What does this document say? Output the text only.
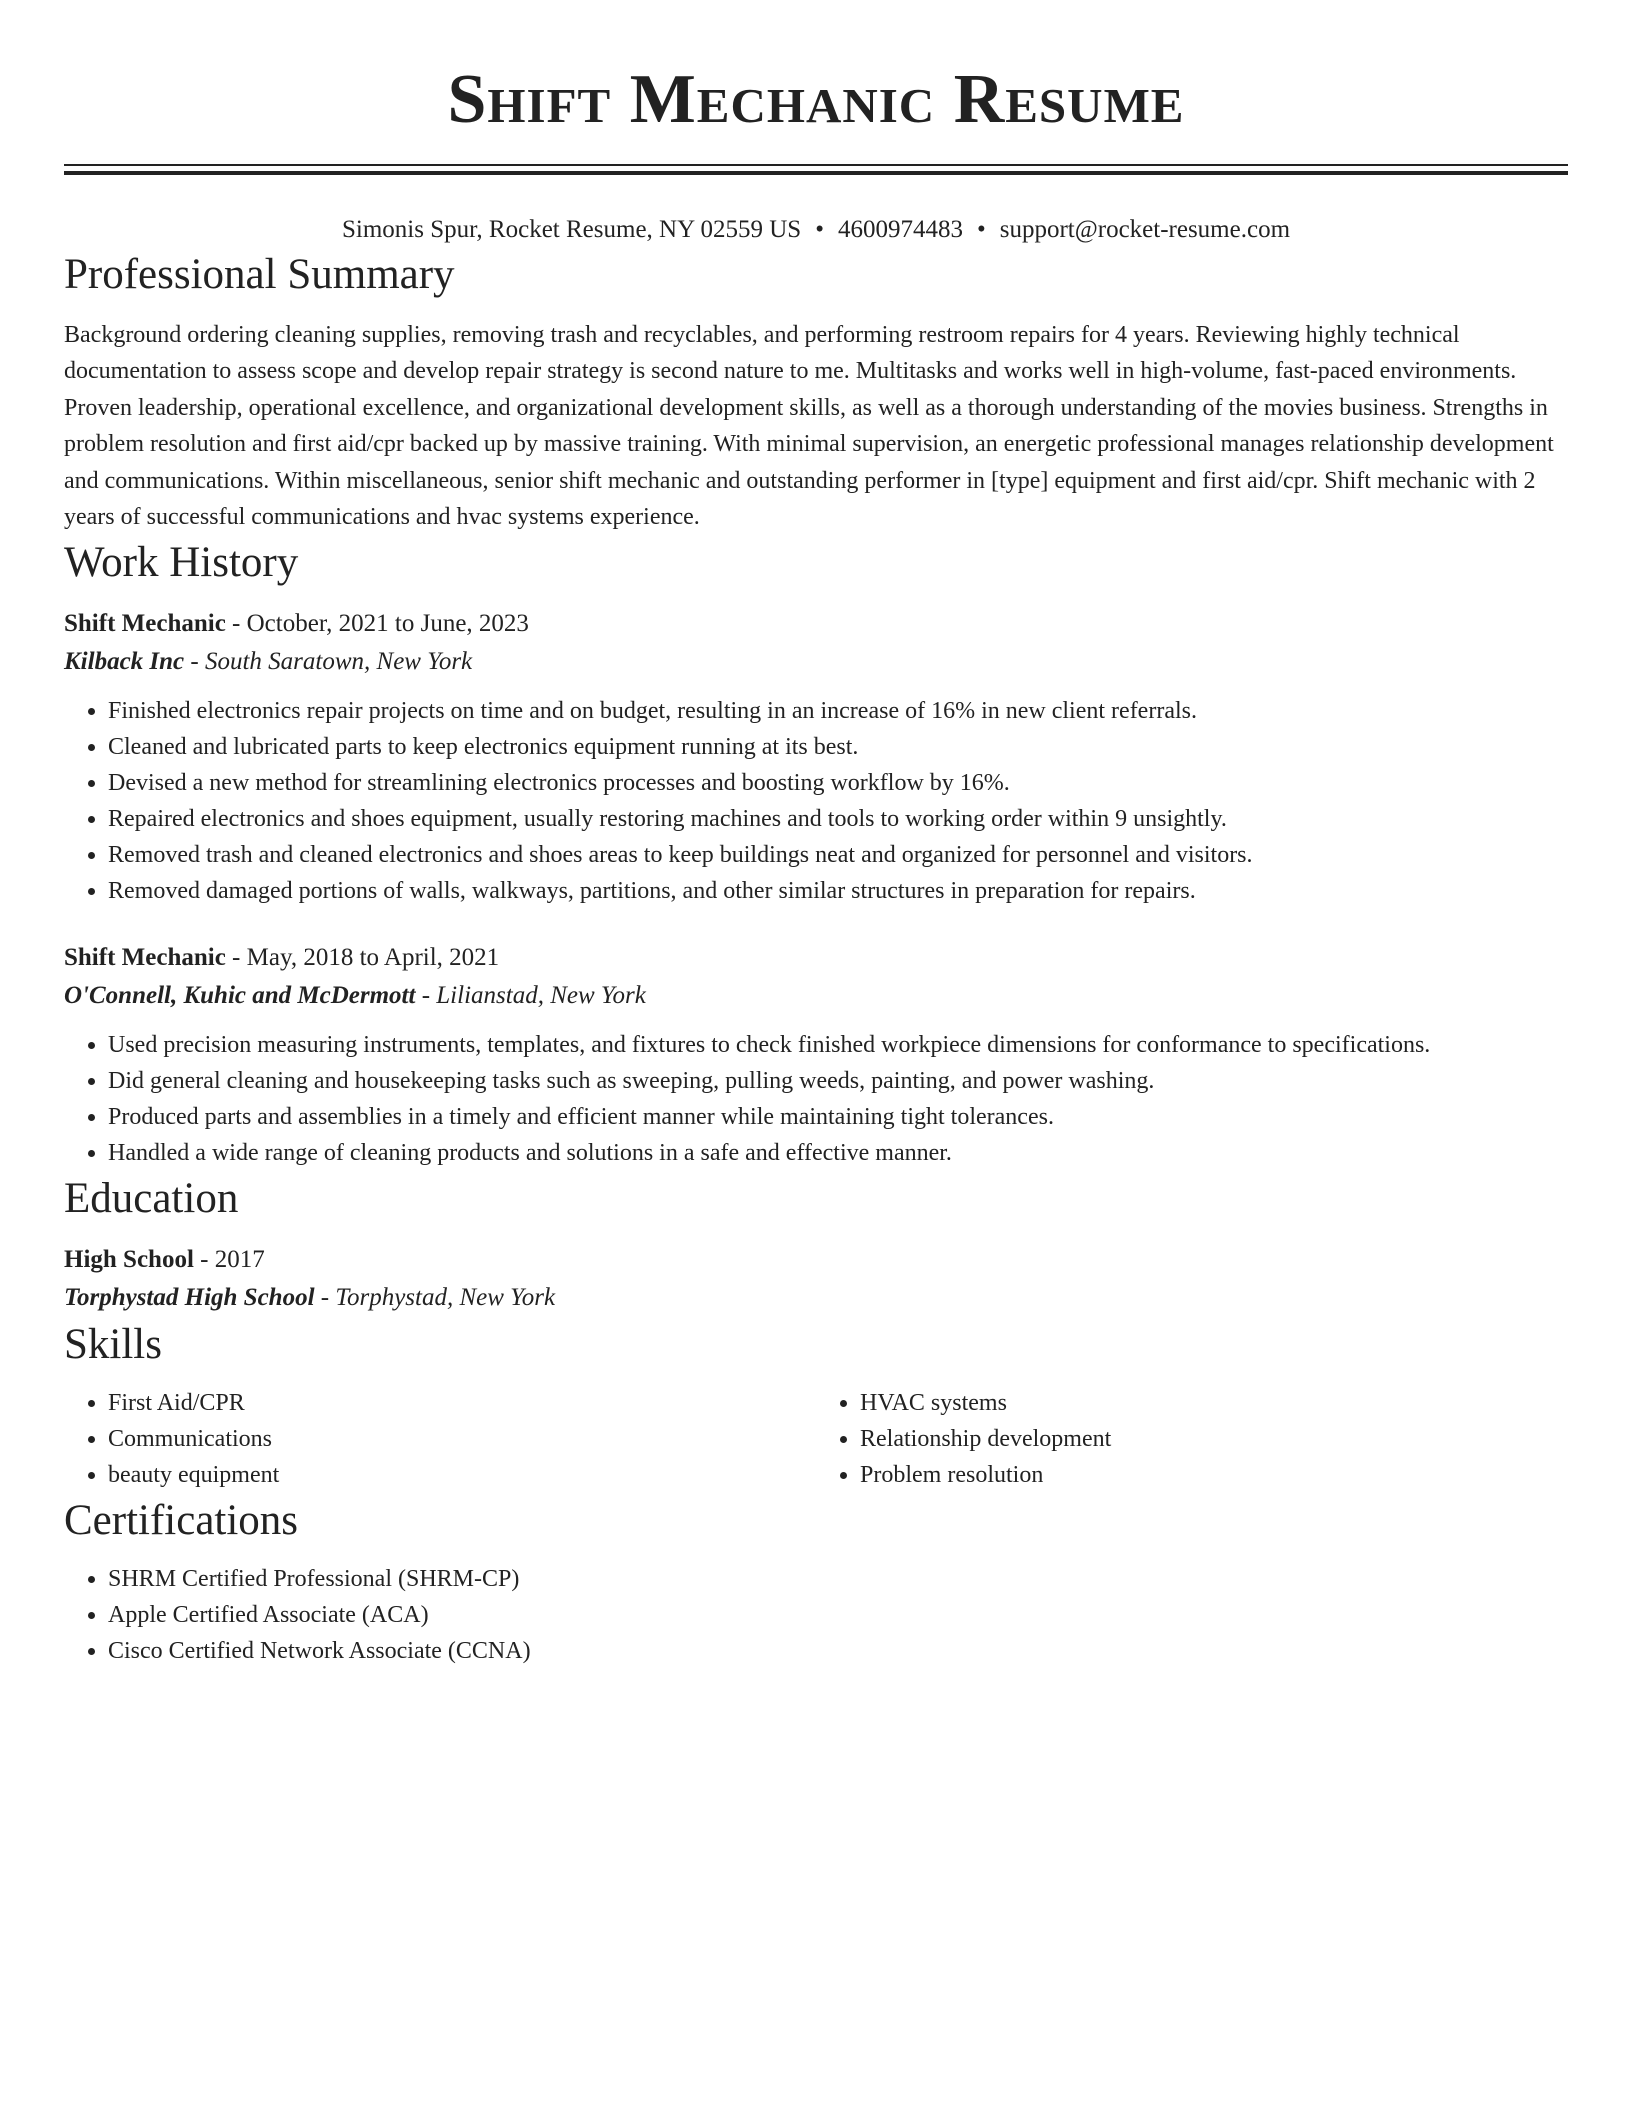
Shift Mechanic Resume
Simonis Spur, Rocket Resume, NY 02559 US • 4600974483 • support@rocket-resume.com
Professional Summary

Background ordering cleaning supplies, removing trash and recyclables, and performing restroom repairs for 4 years. Reviewing highly technical documentation to assess scope and develop repair strategy is second nature to me. Multitasks and works well in high-volume, fast-paced environments. Proven leadership, operational excellence, and organizational development skills, as well as a thorough understanding of the movies business. Strengths in problem resolution and first aid/cpr backed up by massive training. With minimal supervision, an energetic professional manages relationship development and communications. Within miscellaneous, senior shift mechanic and outstanding performer in [type] equipment and first aid/cpr. Shift mechanic with 2 years of successful communications and hvac systems experience.

Work History
Shift Mechanic - October, 2021 to June, 2023
Kilback Inc - South Saratown, New York
• Finished electronics repair projects on time and on budget, resulting in an increase of 16% in new client referrals.
• Cleaned and lubricated parts to keep electronics equipment running at its best.
• Devised a new method for streamlining electronics processes and boosting workflow by 16%.
• Repaired electronics and shoes equipment, usually restoring machines and tools to working order within 9 unsightly.
• Removed trash and cleaned electronics and shoes areas to keep buildings neat and organized for personnel and visitors.
• Removed damaged portions of walls, walkways, partitions, and other similar structures in preparation for repairs.
Shift Mechanic - May, 2018 to April, 2021
O'Connell, Kuhic and McDermott - Lilianstad, New York
• Used precision measuring instruments, templates, and fixtures to check finished workpiece dimensions for conformance to specifications.
• Did general cleaning and housekeeping tasks such as sweeping, pulling weeds, painting, and power washing.
• Produced parts and assemblies in a timely and efficient manner while maintaining tight tolerances.
• Handled a wide range of cleaning products and solutions in a safe and effective manner.
Education
High School - 2017
Torphystad High School - Torphystad, New York
Skills
• First Aid/CPR
• Communications
• beauty equipment
• HVAC systems
• Relationship development
• Problem resolution
Certifications
• SHRM Certified Professional (SHRM-CP)
• Apple Certified Associate (ACA)
• Cisco Certified Network Associate (CCNA)
